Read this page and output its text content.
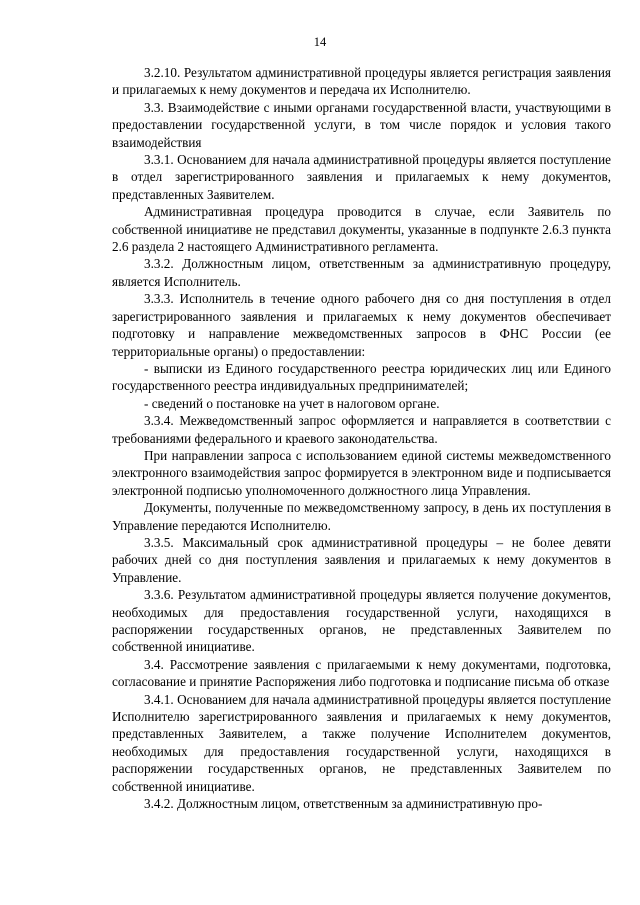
14

3.2.10. Результатом административной процедуры является регистрация заявления и прилагаемых к нему документов и передача их Исполнителю.

3.3. Взаимодействие с иными органами государственной власти, участвующими в предоставлении государственной услуги, в том числе порядок и условия такого взаимодействия

3.3.1. Основанием для начала административной процедуры является поступление в отдел зарегистрированного заявления и прилагаемых к нему документов, представленных Заявителем.

Административная процедура проводится в случае, если Заявитель по собственной инициативе не представил документы, указанные в подпункте 2.6.3 пункта 2.6 раздела 2 настоящего Административного регламента.

3.3.2. Должностным лицом, ответственным за административную процедуру, является Исполнитель.

3.3.3. Исполнитель в течение одного рабочего дня со дня поступления в отдел зарегистрированного заявления и прилагаемых к нему документов обеспечивает подготовку и направление межведомственных запросов в ФНС России (ее территориальные органы) о предоставлении:

- выписки из Единого государственного реестра юридических лиц или Единого государственного реестра индивидуальных предпринимателей;

- сведений о постановке на учет в налоговом органе.

3.3.4. Межведомственный запрос оформляется и направляется в соответствии с требованиями федерального и краевого законодательства.

При направлении запроса с использованием единой системы межведомственного электронного взаимодействия запрос формируется в электронном виде и подписывается электронной подписью уполномоченного должностного лица Управления.

Документы, полученные по межведомственному запросу, в день их поступления в Управление передаются Исполнителю.

3.3.5. Максимальный срок административной процедуры – не более девяти рабочих дней со дня поступления заявления и прилагаемых к нему документов в Управление.

3.3.6. Результатом административной процедуры является получение документов, необходимых для предоставления государственной услуги, находящихся в распоряжении государственных органов, не представленных Заявителем по собственной инициативе.

3.4. Рассмотрение заявления с прилагаемыми к нему документами, подготовка, согласование и принятие Распоряжения либо подготовка и подписание письма об отказе

3.4.1. Основанием для начала административной процедуры является поступление Исполнителю зарегистрированного заявления и прилагаемых к нему документов, представленных Заявителем, а также получение Исполнителем документов, необходимых для предоставления государственной услуги, находящихся в распоряжении государственных органов, не представленных Заявителем по собственной инициативе.

3.4.2. Должностным лицом, ответственным за административную про-
